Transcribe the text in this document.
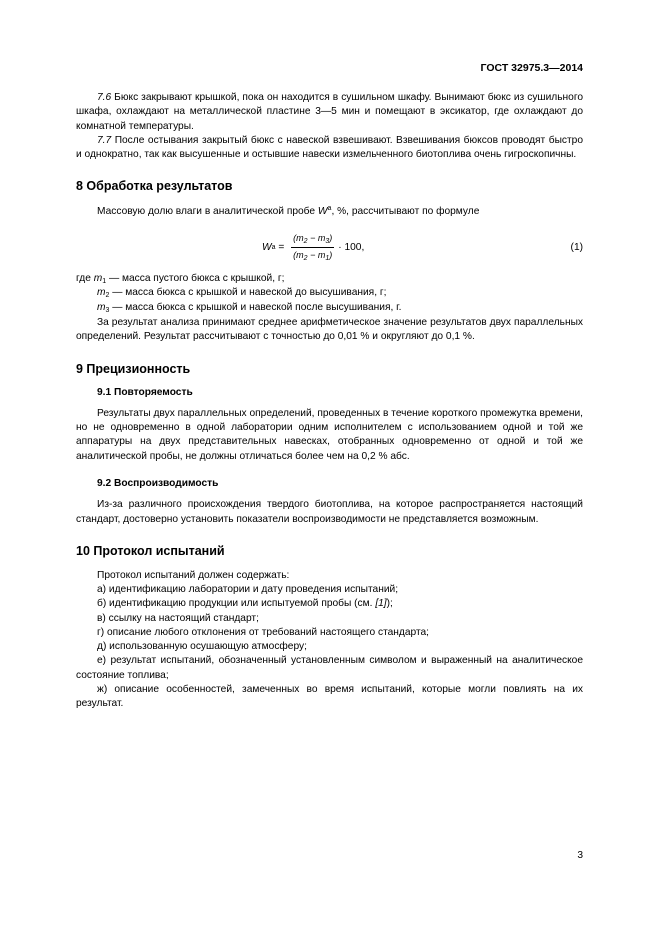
ГОСТ 32975.3—2014

7.6 Бюкс закрывают крышкой, пока он находится в сушильном шкафу. Вынимают бюкс из сушильного шкафа, охлаждают на металлической пластине 3—5 мин и помещают в эксикатор, где охлаждают до комнатной температуры.

7.7 После остывания закрытый бюкс с навеской взвешивают. Взвешивания бюксов проводят быстро и однократно, так как высушенные и остывшие навески измельченного биотоплива очень гигроскопичны.

8 Обработка результатов

Массовую долю влаги в аналитической пробе $W^a$, %, рассчитывают по формуле

W $a = \frac{(m_2 - m_3)}{(m_2 - m_1)} \cdot 100$,	(1)

где $m_1$ — масса пустого бюкса с крышкой, г;

$m_2$ — масса бюкса с крышкой и навеской до высушивания, г;

$m_3$ — масса бюкса с крышкой и навеской после высушивания, г.

За результат анализа принимают среднее арифметическое значение результатов двух параллельных определений. Результат рассчитывают с точностью до 0,01 % и округляют до 0,1 %.

9 Прецизионность
9.1 Повторяемость

Результаты двух параллельных определений, проведенных в течение короткого промежутка времени, но не одновременно в одной лаборатории одним исполнителем с использованием одной и той же аппаратуры на двух представительных навесках, отобранных одновременно от одной и той же аналитической пробы, не должны отличаться более чем на 0,2 % абс.

9.2 Воспроизводимость

Из-за различного происхождения твердого биотоплива, на которое распространяется настоящий стандарт, достоверно установить показатели воспроизводимости не представляется возможным.

10 Протокол испытаний

Протокол испытаний должен содержать:

а) идентификацию лаборатории и дату проведения испытаний;

б) идентификацию продукции или испытуемой пробы (см. [1]);

в) ссылку на настоящий стандарт;

г) описание любого отклонения от требований настоящего стандарта;

д) использованную осушающую атмосферу;

е) результат испытаний, обозначенный установленным символом и выраженный на аналитическое состояние топлива;

ж) описание особенностей, замеченных во время испытаний, которые могли повлиять на их результат.

3
